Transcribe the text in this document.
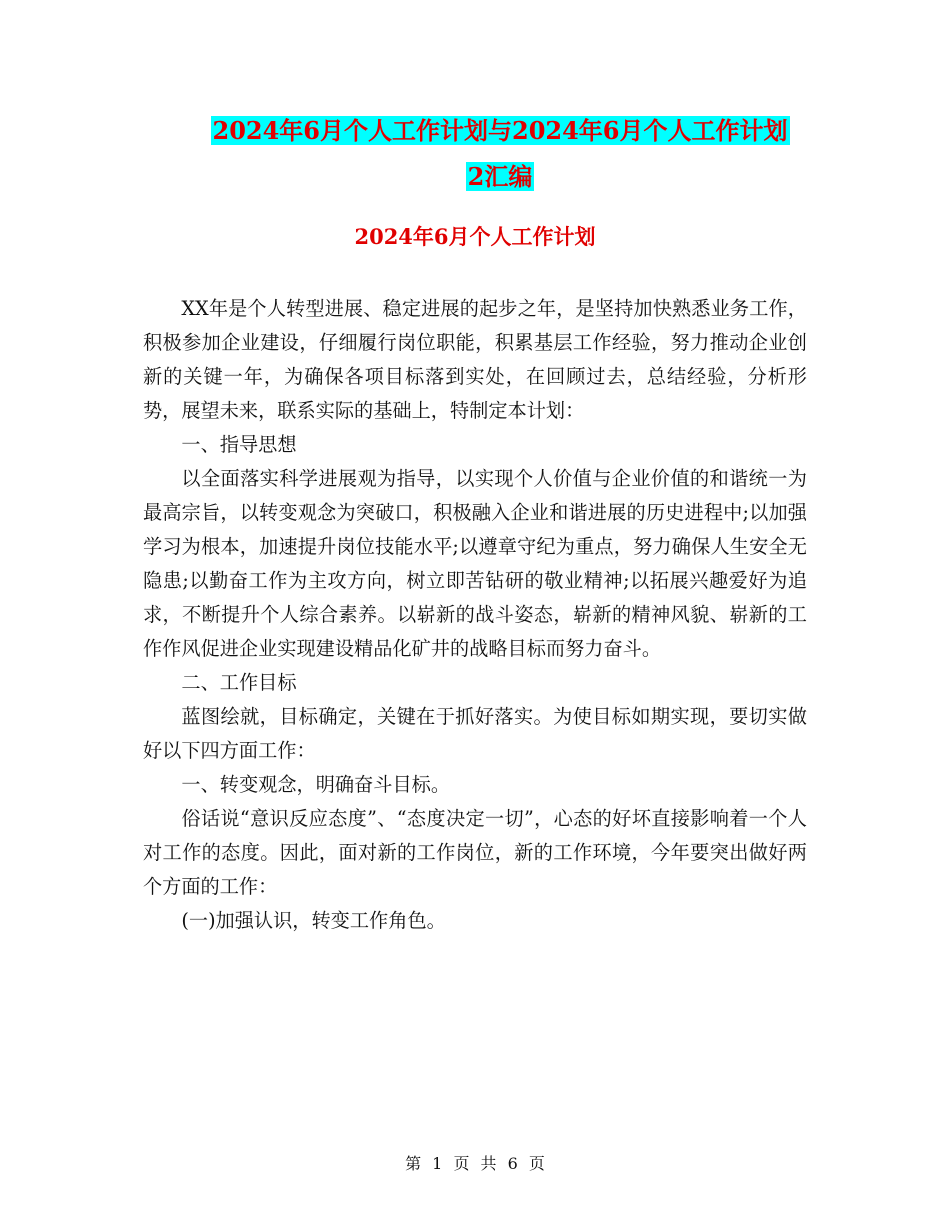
2024年6月个人工作计划与2024年6月个人工作计划
2汇编
2024年6月个人工作计划

XX年是个人转型进展、稳定进展的起步之年，是坚持加快熟悉业务工作，积极参加企业建设，仔细履行岗位职能，积累基层工作经验，努力推动企业创新的关键一年，为确保各项目标落到实处，在回顾过去，总结经验，分析形势，展望未来，联系实际的基础上，特制定本计划：

一、指导思想

以全面落实科学进展观为指导，以实现个人价值与企业价值的和谐统一为最高宗旨，以转变观念为突破口，积极融入企业和谐进展的历史进程中;以加强学习为根本，加速提升岗位技能水平;以遵章守纪为重点，努力确保人生安全无隐患;以勤奋工作为主攻方向，树立即苦钻研的敬业精神;以拓展兴趣爱好为追求，不断提升个人综合素养。以崭新的战斗姿态，崭新的精神风貌、崭新的工作作风促进企业实现建设精品化矿井的战略目标而努力奋斗。

二、工作目标

蓝图绘就，目标确定，关键在于抓好落实。为使目标如期实现，要切实做好以下四方面工作：

一、转变观念，明确奋斗目标。

俗话说“意识反应态度”、“态度决定一切”，心态的好坏直接影响着一个人对工作的态度。因此，面对新的工作岗位，新的工作环境，今年要突出做好两个方面的工作：

(一)加强认识，转变工作角色。

第 1 页 共 6 页
